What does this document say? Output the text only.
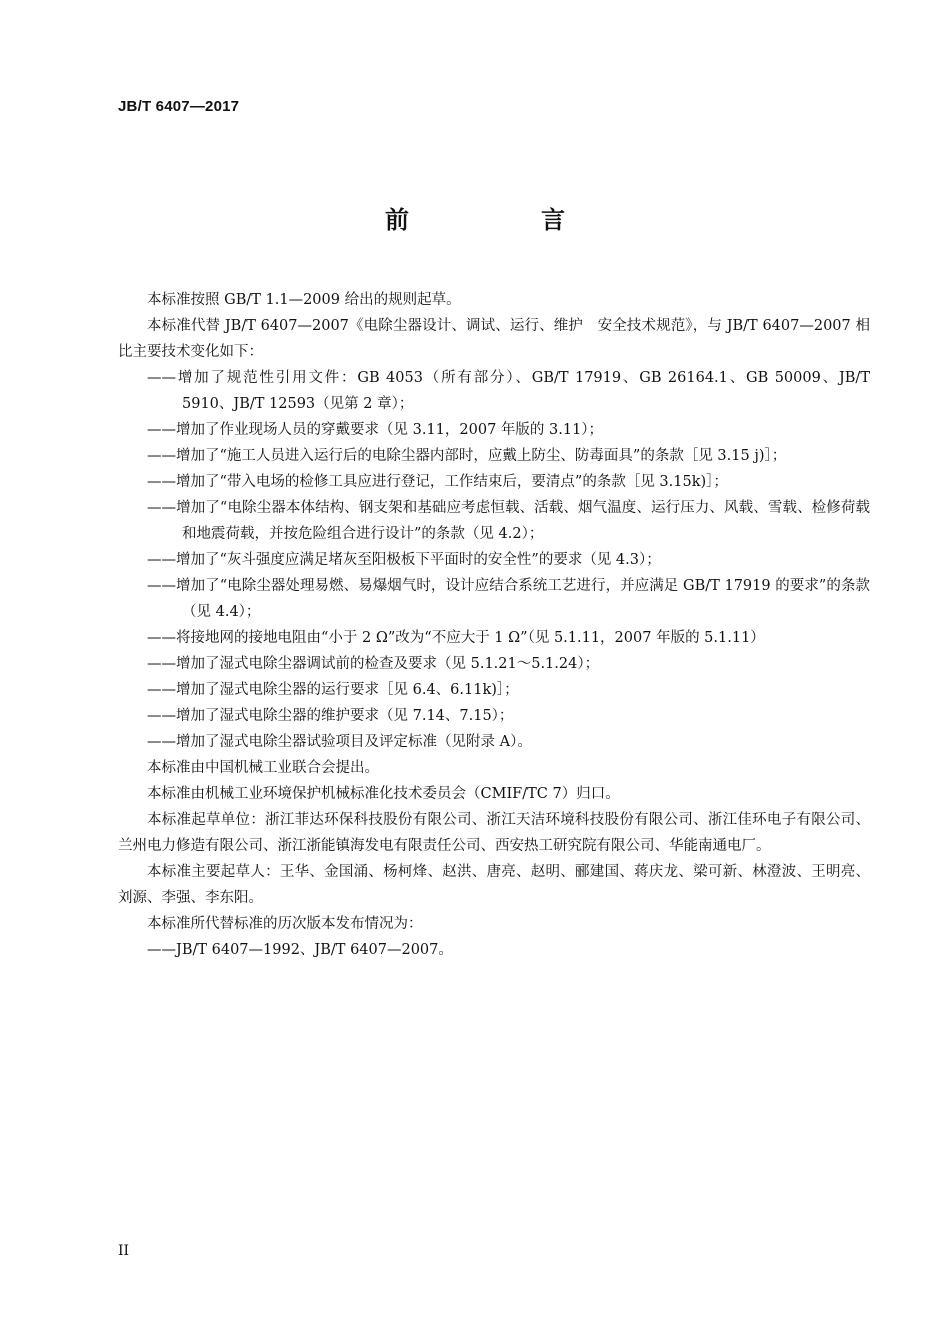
JB/T 6407—2017
前　言

本标准按照 GB/T 1.1—2009 给出的规则起草。

本标准代替 JB/T 6407—2007《电除尘器设计、调试、运行、维护　安全技术规范》，与 JB/T 6407—2007 相比主要技术变化如下：

——增加了规范性引用文件：GB 4053（所有部分）、GB/T 17919、GB 26164.1、GB 50009、JB/T 5910、JB/T 12593（见第 2 章）；

——增加了作业现场人员的穿戴要求（见 3.11，2007 年版的 3.11）；

——增加了“施工人员进入运行后的电除尘器内部时，应戴上防尘、防毒面具”的条款［见 3.15 j)］；

——增加了“带入电场的检修工具应进行登记，工作结束后，要清点”的条款［见 3.15k)］；

——增加了“电除尘器本体结构、钢支架和基础应考虑恒载、活载、烟气温度、运行压力、风载、雪载、检修荷载和地震荷载，并按危险组合进行设计”的条款（见 4.2）；

——增加了“灰斗强度应满足堵灰至阳极板下平面时的安全性”的要求（见 4.3）；

——增加了“电除尘器处理易燃、易爆烟气时，设计应结合系统工艺进行，并应满足 GB/T 17919 的要求”的条款（见 4.4）；

——将接地网的接地电阻由“小于 2 Ω”改为“不应大于 1 Ω”（见 5.1.11，2007 年版的 5.1.11）

——增加了湿式电除尘器调试前的检查及要求（见 5.1.21～5.1.24）；

——增加了湿式电除尘器的运行要求［见 6.4、6.11k)］；

——增加了湿式电除尘器的维护要求（见 7.14、7.15）；

——增加了湿式电除尘器试验项目及评定标准（见附录 A）。

本标准由中国机械工业联合会提出。

本标准由机械工业环境保护机械标准化技术委员会（CMIF/TC 7）归口。

本标准起草单位：浙江菲达环保科技股份有限公司、浙江天洁环境科技股份有限公司、浙江佳环电子有限公司、兰州电力修造有限公司、浙江浙能镇海发电有限责任公司、西安热工研究院有限公司、华能南通电厂。

本标准主要起草人：王华、金国涌、杨柯烽、赵洪、唐亮、赵明、郦建国、蒋庆龙、梁可新、林澄波、王明亮、刘源、李强、李东阳。

本标准所代替标准的历次版本发布情况为：

——JB/T 6407—1992、JB/T 6407—2007。

II
